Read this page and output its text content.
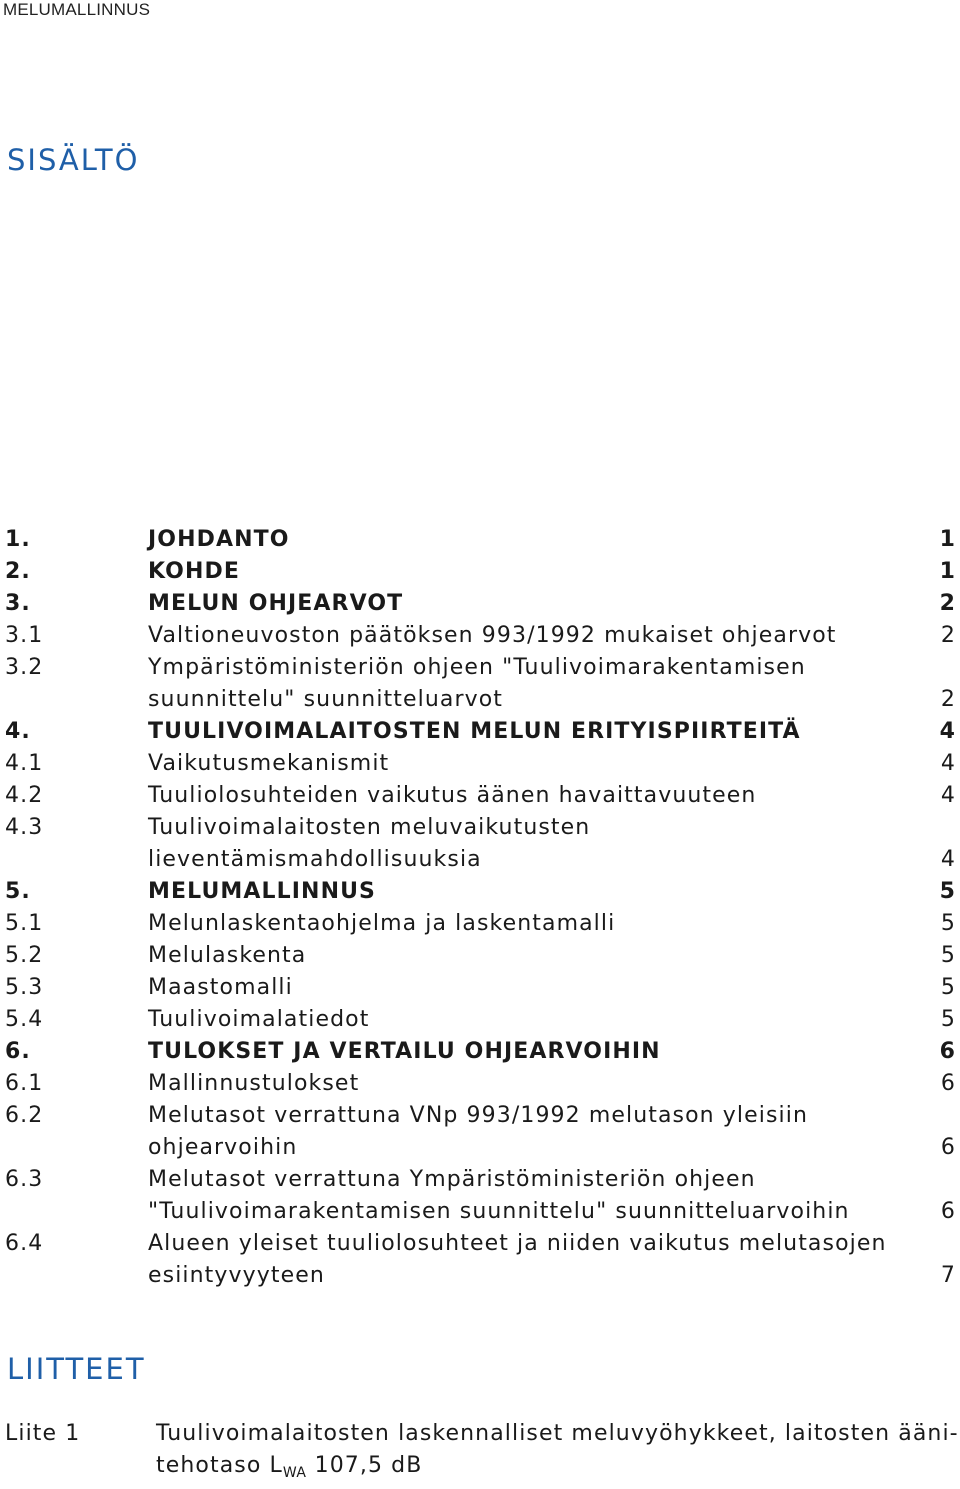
MELUMALLINNUS
SISÄLTÖ
1.	JOHDANTO	1
2.	KOHDE	1
3.	MELUN OHJEARVOT	2
3.1	Valtioneuvoston päätöksen 993/1992 mukaiset ohjearvot	2
3.2	Ympäristöministeriön ohjeen "Tuulivoimarakentamisen
suunnittelu" suunnitteluarvot	2
4.	TUULIVOIMALAITOSTEN MELUN ERITYISPIIRTEITÄ	4
4.1	Vaikutusmekanismit	4
4.2	Tuuliolosuhteiden vaikutus äänen havaittavuuteen	4
4.3	Tuulivoimalaitosten meluvaikutusten
lieventämismahdollisuuksia	4
5.	MELUMALLINNUS	5
5.1	Melunlaskentaohjelma ja laskentamalli	5
5.2	Melulaskenta	5
5.3	Maastomalli	5
5.4	Tuulivoimalatiedot	5
6.	TULOKSET JA VERTAILU OHJEARVOIHIN	6
6.1	Mallinnustulokset	6
6.2	Melutasot verrattuna VNp 993/1992 melutason yleisiin
ohjearvoihin	6
6.3	Melutasot verrattuna Ympäristöministeriön ohjeen
"Tuulivoimarakentamisen suunnittelu" suunnitteluarvoihin	6
6.4	Alueen yleiset tuuliolosuhteet ja niiden vaikutus melutasojen
esiintyvyyteen	7
LIITTEET
Liite 1	Tuulivoimalaitosten laskennalliset meluvyöhykkeet, laitosten ääni-
tehotaso $L_{WA}$ 107,5 dB
